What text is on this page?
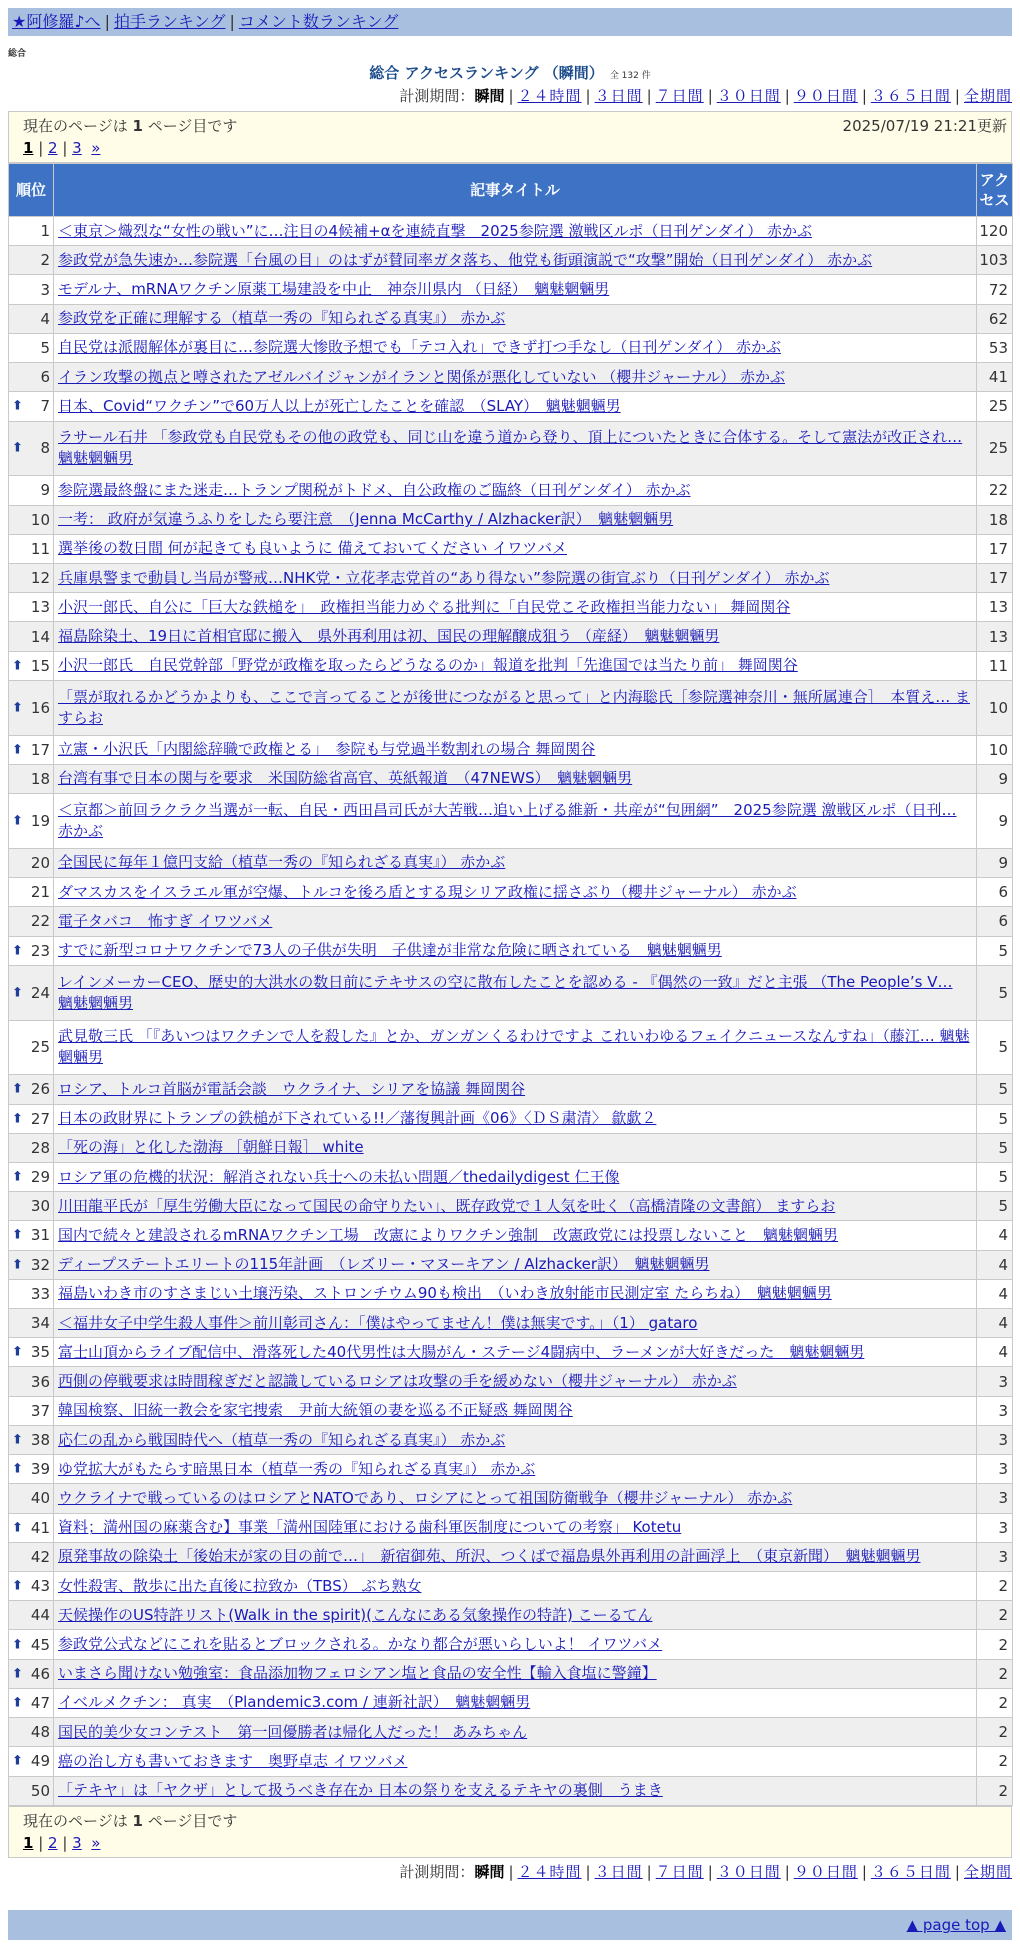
★阿修羅♪へ | 拍手ランキング | コメント数ランキング
総合
総合 アクセスランキング （瞬間） 全 132 件
計測期間：瞬間 | ２４時間 | ３日間 | ７日間 | ３０日間 | ９０日間 | ３６５日間 | 全期間
現在のページは 1 ページ目です	2025/07/19 21:21更新
1 | 2 | 3 »
順位	記事タイトル	アクセス
1	＜東京＞熾烈な“女性の戦い”に…注目の4候補+αを連続直撃　2025参院選 激戦区ルポ（日刊ゲンダイ） 赤かぶ	120
2	参政党が急失速か…参院選「台風の目」のはずが賛同率ガタ落ち、他党も街頭演説で“攻撃”開始（日刊ゲンダイ） 赤かぶ	103
3	モデルナ、mRNAワクチン原薬工場建設を中止　神奈川県内 （日経）　魑魅魍魎男	72
4	参政党を正確に理解する（植草一秀の『知られざる真実』） 赤かぶ	62
5	自民党は派閥解体が裏目に…参院選大惨敗予想でも「テコ入れ」できず打つ手なし（日刊ゲンダイ） 赤かぶ	53
6	イラン攻撃の拠点と噂されたアゼルバイジャンがイランと関係が悪化していない （櫻井ジャーナル） 赤かぶ	41

⬆ 7	日本、Covid“ワクチン”で60万人以上が死亡したことを確認　（SLAY）　魑魅魍魎男	25

⬆ 8	ラサール石井 「参政党も自民党もその他の政党も、同じ山を違う道から登り、頂上についたときに合体する。そして憲法が改正され… 魑魅魍魎男	25
9	参院選最終盤にまた迷走…トランプ関税がトドメ、自公政権のご臨終（日刊ゲンダイ） 赤かぶ	22
10	一考： 政府が気違うふりをしたら要注意　（Jenna McCarthy / Alzhacker訳）　魑魅魍魎男	18
11	選挙後の数日間 何が起きても良いように 備えておいてください イワツバメ	17
12	兵庫県警まで動員し当局が警戒…NHK党・立花孝志党首の“あり得ない”参院選の街宣ぶり（日刊ゲンダイ） 赤かぶ	17
13	小沢一郎氏、自公に「巨大な鉄槌を」　政権担当能力めぐる批判に「自民党こそ政権担当能力ない」 舞岡関谷	13
14	福島除染土、19日に首相官邸に搬入　県外再利用は初、国民の理解醸成狙う （産経）　魑魅魍魎男	13

⬆ 15	小沢一郎氏　自民党幹部「野党が政権を取ったらどうなるのか」報道を批判「先進国では当たり前」 舞岡関谷	11

⬆ 16	「票が取れるかどうかよりも、ここで言ってることが後世につながると思って」と内海聡氏［参院選神奈川・無所属連合］　本質え… ますらお	10

⬆ 17	立憲・小沢氏「内閣総辞職で政権とる」　参院も与党過半数割れの場合 舞岡関谷	10
18	台湾有事で日本の関与を要求　米国防総省高官、英紙報道　（47NEWS）　魑魅魍魎男	9

⬆ 19	＜京都＞前回ラクラク当選が一転、自民・西田昌司氏が大苦戦…追い上げる維新・共産が“包囲網”　2025参院選 激戦区ルポ（日刊… 赤かぶ	9
20	全国民に毎年１億円支給（植草一秀の『知られざる真実』） 赤かぶ	9
21	ダマスカスをイスラエル軍が空爆、トルコを後ろ盾とする現シリア政権に揺さぶり（櫻井ジャーナル） 赤かぶ	6
22	電子タバコ　怖すぎ イワツバメ	6

⬆ 23	すでに新型コロナワクチンで73人の子供が失明　子供達が非常な危険に晒されている　魑魅魍魎男	5

⬆ 24	レインメーカーCEO、歴史的大洪水の数日前にテキサスの空に散布したことを認める - 『偶然の一致』だと主張 （The People’s V… 魑魅魍魎男	5
25	武見敬三氏 「『あいつはワクチンで人を殺した』とか、ガンガンくるわけですよ これいわゆるフェイクニュースなんすね」（藤江… 魑魅魍魎男	5

⬆ 26	ロシア、トルコ首脳が電話会談　ウクライナ、シリアを協議 舞岡関谷	5

⬆ 27	日本の政財界にトランプの鉄槌が下されている!!／藩復興計画《06》〈ＤＳ粛清〉 歙歔２	5
28	「死の海」と化した渤海 ［朝鮮日報］ white	5

⬆ 29	ロシア軍の危機的状況：解消されない兵士への未払い問題／thedailydigest 仁王像	5
30	川田龍平氏が「厚生労働大臣になって国民の命守りたい」、既存政党で１人気を吐く（高橋清隆の文書館） ますらお	5

⬆ 31	国内で続々と建設されるmRNAワクチン工場　改憲によりワクチン強制　改憲政党には投票しないこと　魑魅魍魎男	4

⬆ 32	ディープステートエリートの115年計画　（レズリー・マヌーキアン / Alzhacker訳）　魑魅魍魎男	4
33	福島いわき市のすさまじい土壌汚染、ストロンチウム90も検出　（いわき放射能市民測定室 たらちね）　魑魅魍魎男	4
34	＜福井女子中学生殺人事件＞前川彰司さん：「僕はやってません！僕は無実です。」（1） gataro	4

⬆ 35	富士山頂からライブ配信中、滑落死した40代男性は大腸がん・ステージ4闘病中、ラーメンが大好きだった　魑魅魍魎男	4
36	西側の停戦要求は時間稼ぎだと認識しているロシアは攻撃の手を緩めない（櫻井ジャーナル） 赤かぶ	3
37	韓国検察、旧統一教会を家宅捜索　尹前大統領の妻を巡る不正疑惑 舞岡関谷	3

⬆ 38	応仁の乱から戦国時代へ（植草一秀の『知られざる真実』） 赤かぶ	3

⬆ 39	ゆ党拡大がもたらす暗黒日本（植草一秀の『知られざる真実』） 赤かぶ	3
40	ウクライナで戦っているのはロシアとNATOであり、ロシアにとって祖国防衛戦争（櫻井ジャーナル） 赤かぶ	3

⬆ 41	資料；満州国の麻薬含む】事業「満州国陸軍における歯科軍医制度についての考察」 Kotetu	3
42	原発事故の除染土「後始末が家の目の前で…」　新宿御苑、所沢、つくばで福島県外再利用の計画浮上　（東京新聞）　魑魅魍魎男	3

⬆ 43	女性殺害、散歩に出た直後に拉致か（TBS） ぶち熟女	2
44	天候操作のUS特許リスト(Walk in the spirit)(こんなにある気象操作の特許) こーるてん	2

⬆ 45	参政党公式などにこれを貼るとブロックされる。かなり都合が悪いらしいよ！ イワツバメ	2

⬆ 46	いまさら聞けない勉強室：食品添加物フェロシアン塩と食品の安全性【輸入食塩に警鐘】	2

⬆ 47	イベルメクチン： 真実　（Plandemic3.com / 連新社訳）　魑魅魍魎男	2
48	国民的美少女コンテスト　第一回優勝者は帰化人だった！ あみちゃん	2

⬆ 49	癌の治し方も書いておきます　奥野卓志 イワツバメ	2
50	「テキヤ」は「ヤクザ」として扱うべき存在か 日本の祭りを支えるテキヤの裏側　うまき	2
現在のページは 1 ページ目です
1 | 2 | 3 »
計測期間：瞬間 | ２４時間 | ３日間 | ７日間 | ３０日間 | ９０日間 | ３６５日間 | 全期間
▲ page top ▲
